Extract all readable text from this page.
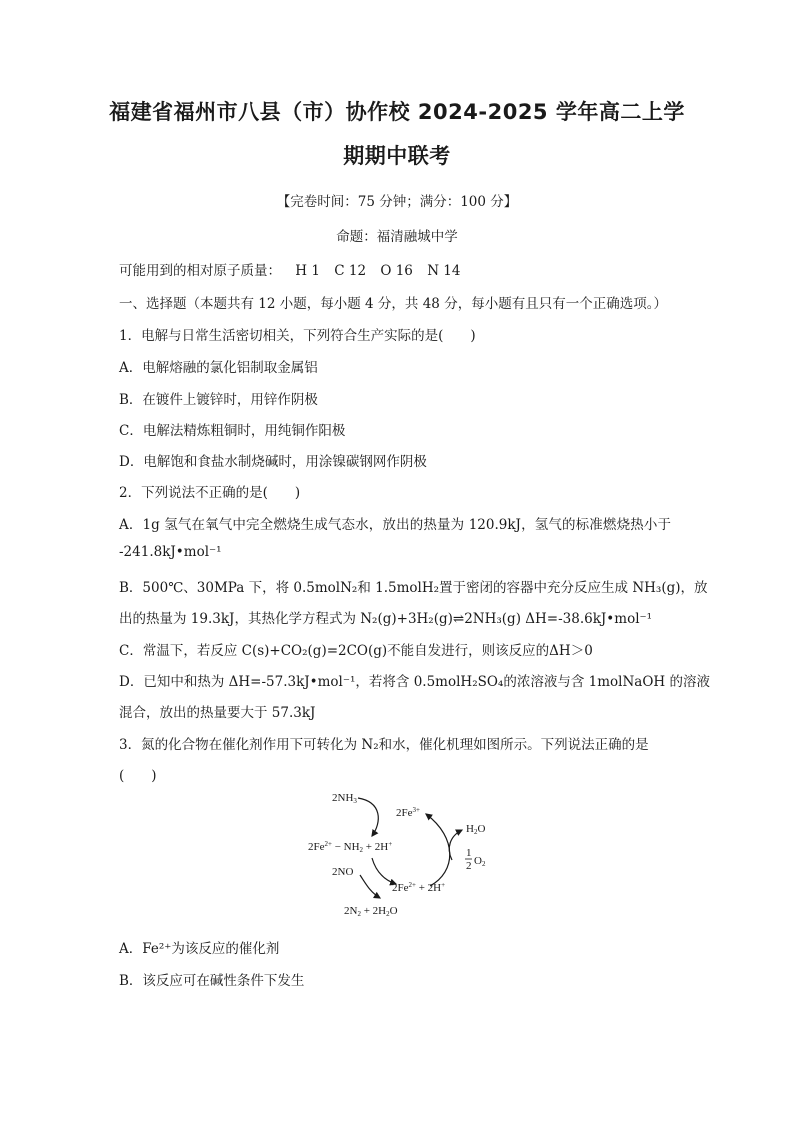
福建省福州市八县（市）协作校 2024-2025 学年高二上学
期期中联考
【完卷时间：75 分钟；满分：100 分】
命题：福清融城中学
可能用到的相对原子质量： H 1 C 12 O 16 N 14
一、选择题（本题共有 12 小题，每小题 4 分，共 48 分，每小题有且只有一个正确选项。）
1．电解与日常生活密切相关，下列符合生产实际的是(　　)
A．电解熔融的氯化铝制取金属铝
B．在镀件上镀锌时，用锌作阴极
C．电解法精炼粗铜时，用纯铜作阳极
D．电解饱和食盐水制烧碱时，用涂镍碳钢网作阴极
2．下列说法不正确的是(　　)
A．1g 氢气在氧气中完全燃烧生成气态水，放出的热量为 120.9kJ，氢气的标准燃烧热小于
-241.8kJ•mol⁻¹
B．500℃、30MPa 下，将 0.5molN₂和 1.5molH₂置于密闭的容器中充分反应生成 NH₃(g)，放
出的热量为 19.3kJ，其热化学方程式为 N₂(g)+3H₂(g)⇌2NH₃(g) ΔH=-38.6kJ•mol⁻¹
C．常温下，若反应 C(s)+CO₂(g)=2CO(g)不能自发进行，则该反应的ΔH＞0
D．已知中和热为 ΔH=-57.3kJ•mol⁻¹，若将含 0.5molH₂SO₄的浓溶液与含 1molNaOH 的溶液
混合，放出的热量要大于 57.3kJ
3．氮的化合物在催化剂作用下可转化为 N₂和水，催化机理如图所示。下列说法正确的是
(　　)
2NH3
$2Fe^{3+}$
$2Fe^{2+} - NH2 + 2H^+$
H2O
1
2 O2
2NO
$2Fe^{2+} + 2H^+$
2N2 + 2H2O
A．Fe²⁺为该反应的催化剂
B．该反应可在碱性条件下发生
